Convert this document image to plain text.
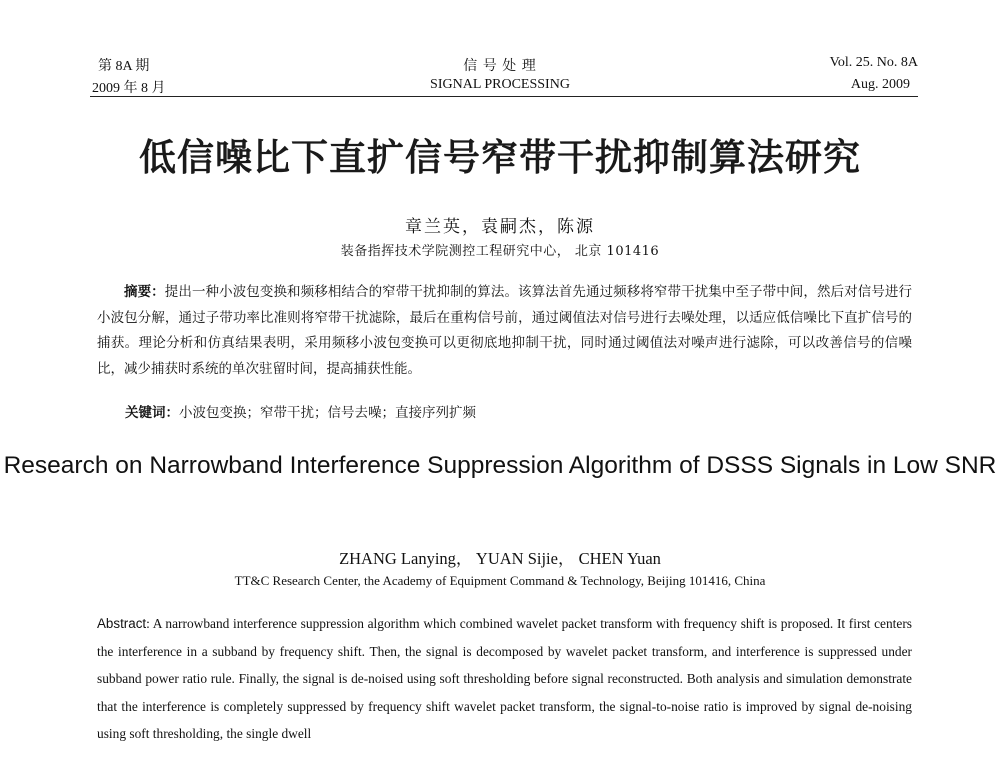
第 8A 期
2009 年 8 月
信 号 处 理
SIGNAL PROCESSING
Vol. 25. No. 8A
Aug. 2009
低信噪比下直扩信号窄带干扰抑制算法研究
章兰英，袁嗣杰，陈源
装备指挥技术学院测控工程研究中心， 北京 101416
摘要：提出一种小波包变换和频移相结合的窄带干扰抑制的算法。该算法首先通过频移将窄带干扰集中至子带中间，然后对信号进行小波包分解，通过子带功率比准则将窄带干扰滤除，最后在重构信号前，通过阈值法对信号进行去噪处理，以适应低信噪比下直扩信号的捕获。理论分析和仿真结果表明，采用频移小波包变换可以更彻底地抑制干扰，同时通过阈值法对噪声进行滤除，可以改善信号的信噪比，减少捕获时系统的单次驻留时间，提高捕获性能。
关键词：小波包变换；窄带干扰；信号去噪；直接序列扩频
Research on Narrowband Interference Suppression Algorithm of DSSS Signals in Low SNR
ZHANG Lanying， YUAN Sijie， CHEN Yuan
TT&C Research Center, the Academy of Equipment Command & Technology, Beijing 101416, China
Abstract: A narrowband interference suppression algorithm which combined wavelet packet transform with frequency shift is proposed. It first centers the interference in a subband by frequency shift. Then, the signal is decomposed by wavelet packet transform, and interference is suppressed under subband power ratio rule. Finally, the signal is de-noised using soft thresholding before signal reconstructed. Both analysis and simulation demonstrate that the interference is completely suppressed by frequency shift wavelet packet transform, the signal-to-noise ratio is improved by signal de-noising using soft thresholding, the single dwell
